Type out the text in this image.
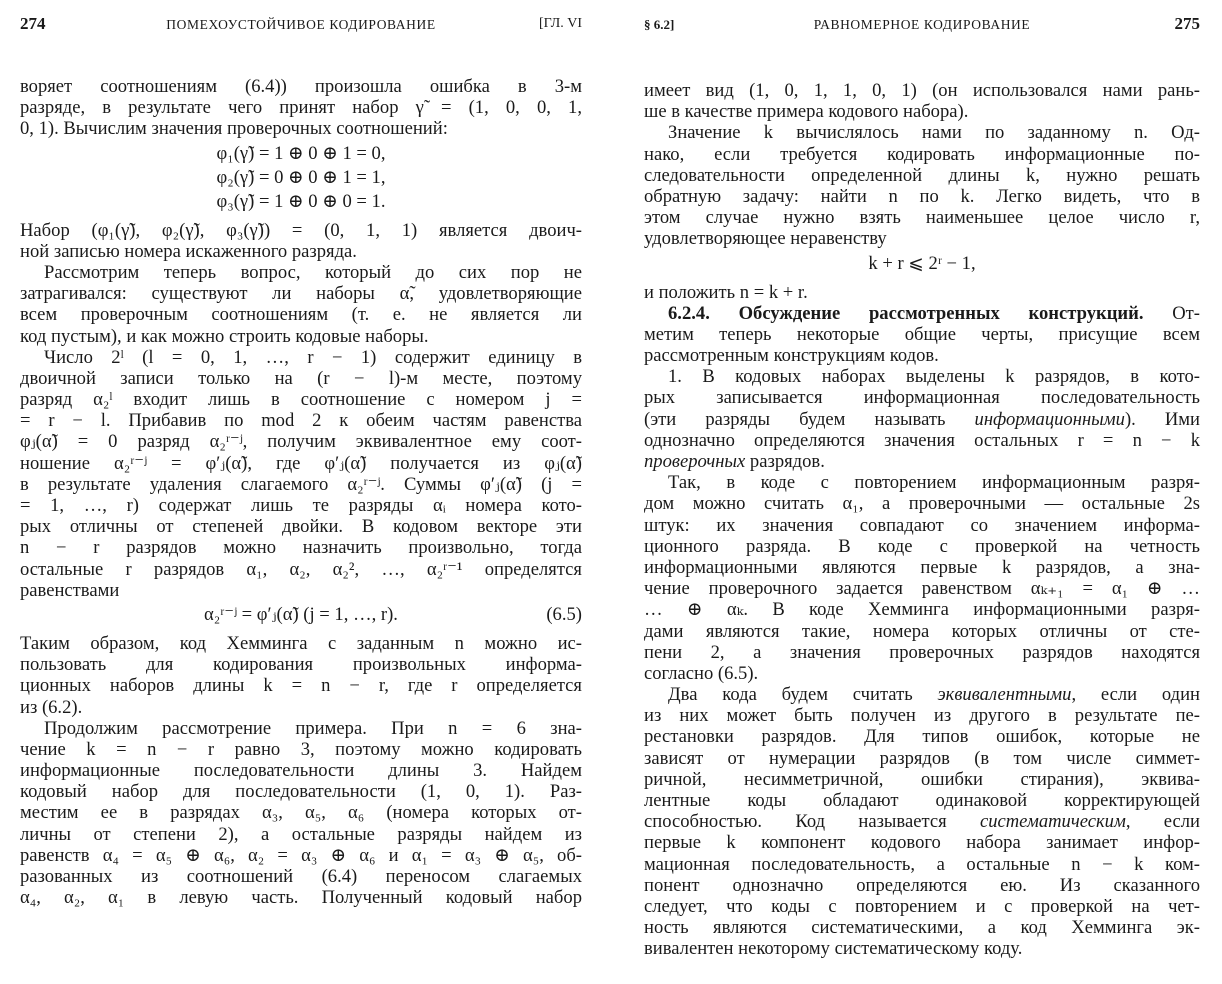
274	ПОМЕХОУСТОЙЧИВОЕ КОДИРОВАНИЕ	[ГЛ. VI
воряет соотношениям (6.4)) произошла ошибка в 3-м
разряде, в результате чего принят набор γ̃ = (1, 0, 0, 1,
0, 1). Вычислим значения проверочных соотношений:
φ₁(γ̃) = 1 ⊕ 0 ⊕ 1 = 0,
φ₂(γ̃) = 0 ⊕ 0 ⊕ 1 = 1,
φ₃(γ̃) = 1 ⊕ 0 ⊕ 0 = 1.
Набор (φ₁(γ̃), φ₂(γ̃), φ₃(γ̃)) = (0, 1, 1) является двоич-
ной записью номера искаженного разряда.
Рассмотрим теперь вопрос, который до сих пор не
затрагивался: существуют ли наборы α̃, удовлетворяющие
всем проверочным соотношениям (т. е. не является ли
код пустым), и как можно строить кодовые наборы.
Число 2ˡ (l = 0, 1, …, r − 1) содержит единицу в
двоичной записи только на (r − l)-м месте, поэтому
разряд α₂ˡ входит лишь в соотношение с номером j =
= r − l. Прибавив по mod 2 к обеим частям равенства
φⱼ(α̃) = 0 разряд α₂ʳ⁻ʲ, получим эквивалентное ему соот-
ношение α₂ʳ⁻ʲ = φ′ⱼ(α̃), где φ′ⱼ(α̃) получается из φⱼ(α̃)
в результате удаления слагаемого α₂ʳ⁻ʲ. Суммы φ′ⱼ(α̃) (j =
= 1, …, r) содержат лишь те разряды αᵢ номера кото-
рых отличны от степеней двойки. В кодовом векторе эти
n − r разрядов можно назначить произвольно, тогда
остальные r разрядов α₁, α₂, α₂², …, α₂ʳ⁻¹ определятся
равенствами
α₂ʳ⁻ʲ = φ′ⱼ(α̃) (j = 1, …, r).	(6.5)
Таким образом, код Хемминга с заданным n можно ис-
пользовать для кодирования произвольных информа-
ционных наборов длины k = n − r, где r определяется
из (6.2).
Продолжим рассмотрение примера. При n = 6 зна-
чение k = n − r равно 3, поэтому можно кодировать
информационные последовательности длины 3. Найдем
кодовый набор для последовательности (1, 0, 1). Раз-
местим ее в разрядах α₃, α₅, α₆ (номера которых от-
личны от степени 2), а остальные разряды найдем из
равенств α₄ = α₅ ⊕ α₆, α₂ = α₃ ⊕ α₆ и α₁ = α₃ ⊕ α₅, об-
разованных из соотношений (6.4) переносом слагаемых
α₄, α₂, α₁ в левую часть. Полученный кодовый набор
§ 6.2]	РАВНОМЕРНОЕ КОДИРОВАНИЕ	275
имеет вид (1, 0, 1, 1, 0, 1) (он использовался нами рань-
ше в качестве примера кодового набора).
Значение k вычислялось нами по заданному n. Од-
нако, если требуется кодировать информационные по-
следовательности определенной длины k, нужно решать
обратную задачу: найти n по k. Легко видеть, что в
этом случае нужно взять наименьшее целое число r,
удовлетворяющее неравенству
k + r ⩽ 2ʳ − 1,
и положить n = k + r.
6.2.4. Обсуждение рассмотренных конструкций. От-
метим теперь некоторые общие черты, присущие всем
рассмотренным конструкциям кодов.
1. В кодовых наборах выделены k разрядов, в кото-
рых записывается информационная последовательность
(эти разряды будем называть информационными). Ими
однозначно определяются значения остальных r = n − k
проверочных разрядов.
Так, в коде с повторением информационным разря-
дом можно считать α₁, а проверочными — остальные 2s
штук: их значения совпадают со значением информа-
ционного разряда. В коде с проверкой на четность
информационными являются первые k разрядов, а зна-
чение проверочного задается равенством αₖ₊₁ = α₁ ⊕ …
… ⊕ αₖ. В коде Хемминга информационными разря-
дами являются такие, номера которых отличны от сте-
пени 2, а значения проверочных разрядов находятся
согласно (6.5).
Два кода будем считать эквивалентными, если один
из них может быть получен из другого в результате пе-
рестановки разрядов. Для типов ошибок, которые не
зависят от нумерации разрядов (в том числе симмет-
ричной, несимметричной, ошибки стирания), эквива-
лентные коды обладают одинаковой корректирующей
способностью. Код называется систематическим, если
первые k компонент кодового набора занимает инфор-
мационная последовательность, а остальные n − k ком-
понент однозначно определяются ею. Из сказанного
следует, что коды с повторением и с проверкой на чет-
ность являются систематическими, а код Хемминга эк-
вивалентен некоторому систематическому коду.
